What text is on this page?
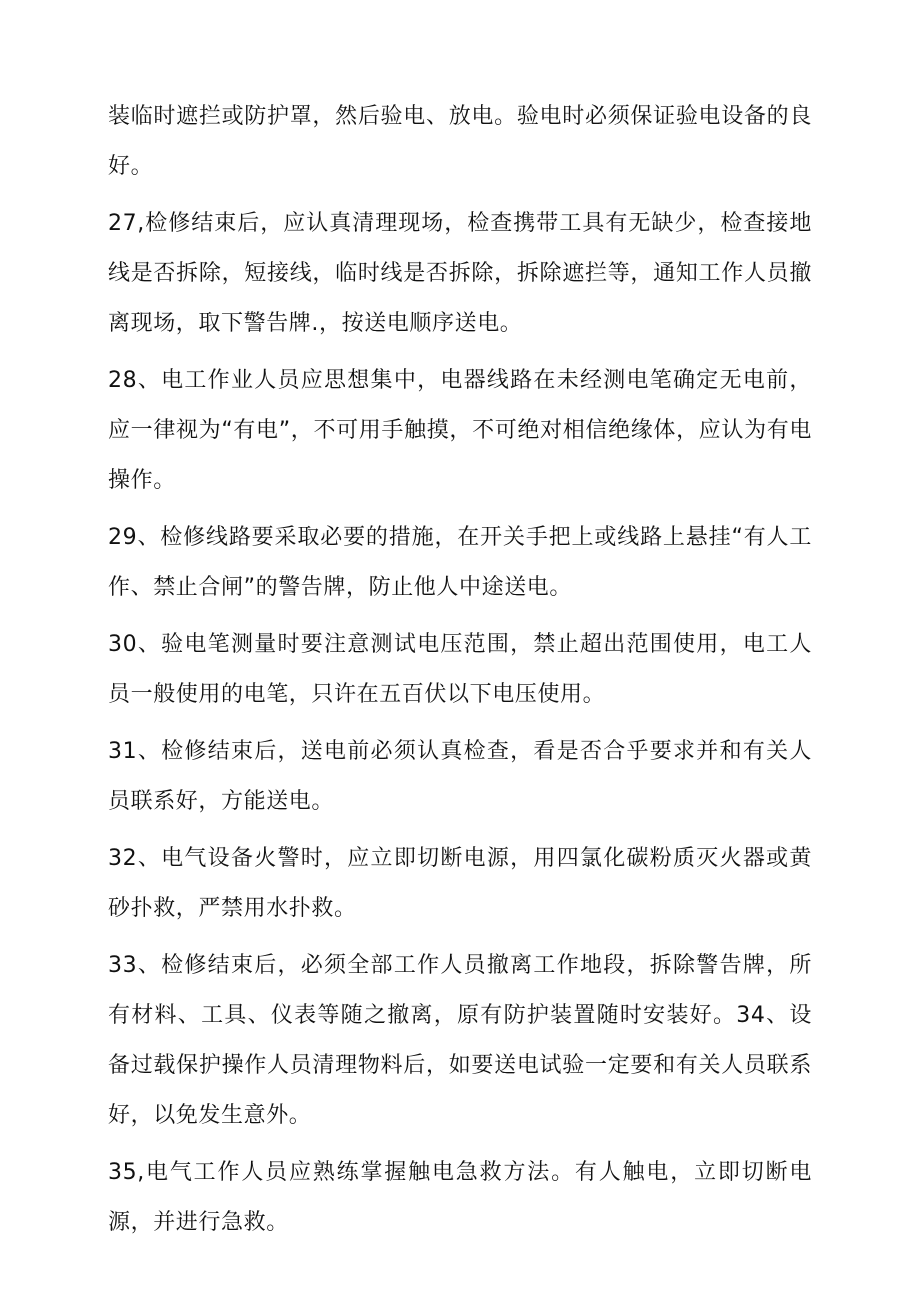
装临时遮拦或防护罩，然后验电、放电。验电时必须保证验电设备的良好。

27,检修结束后，应认真清理现场，检查携带工具有无缺少，检查接地线是否拆除，短接线，临时线是否拆除，拆除遮拦等，通知工作人员撤离现场，取下警告牌.，按送电顺序送电。

28、电工作业人员应思想集中，电器线路在未经测电笔确定无电前，应一律视为“有电”，不可用手触摸，不可绝对相信绝缘体，应认为有电操作。

29、检修线路要采取必要的措施，在开关手把上或线路上悬挂“有人工作、禁止合闸”的警告牌，防止他人中途送电。

30、验电笔测量时要注意测试电压范围，禁止超出范围使用，电工人员一般使用的电笔，只许在五百伏以下电压使用。

31、检修结束后，送电前必须认真检查，看是否合乎要求并和有关人员联系好，方能送电。

32、电气设备火警时，应立即切断电源，用四氯化碳粉质灭火器或黄砂扑救，严禁用水扑救。

33、检修结束后，必须全部工作人员撤离工作地段，拆除警告牌，所有材料、工具、仪表等随之撤离，原有防护装置随时安装好。34、设备过载保护操作人员清理物料后，如要送电试验一定要和有关人员联系好，以免发生意外。

35,电气工作人员应熟练掌握触电急救方法。有人触电，立即切断电源，并进行急救。
